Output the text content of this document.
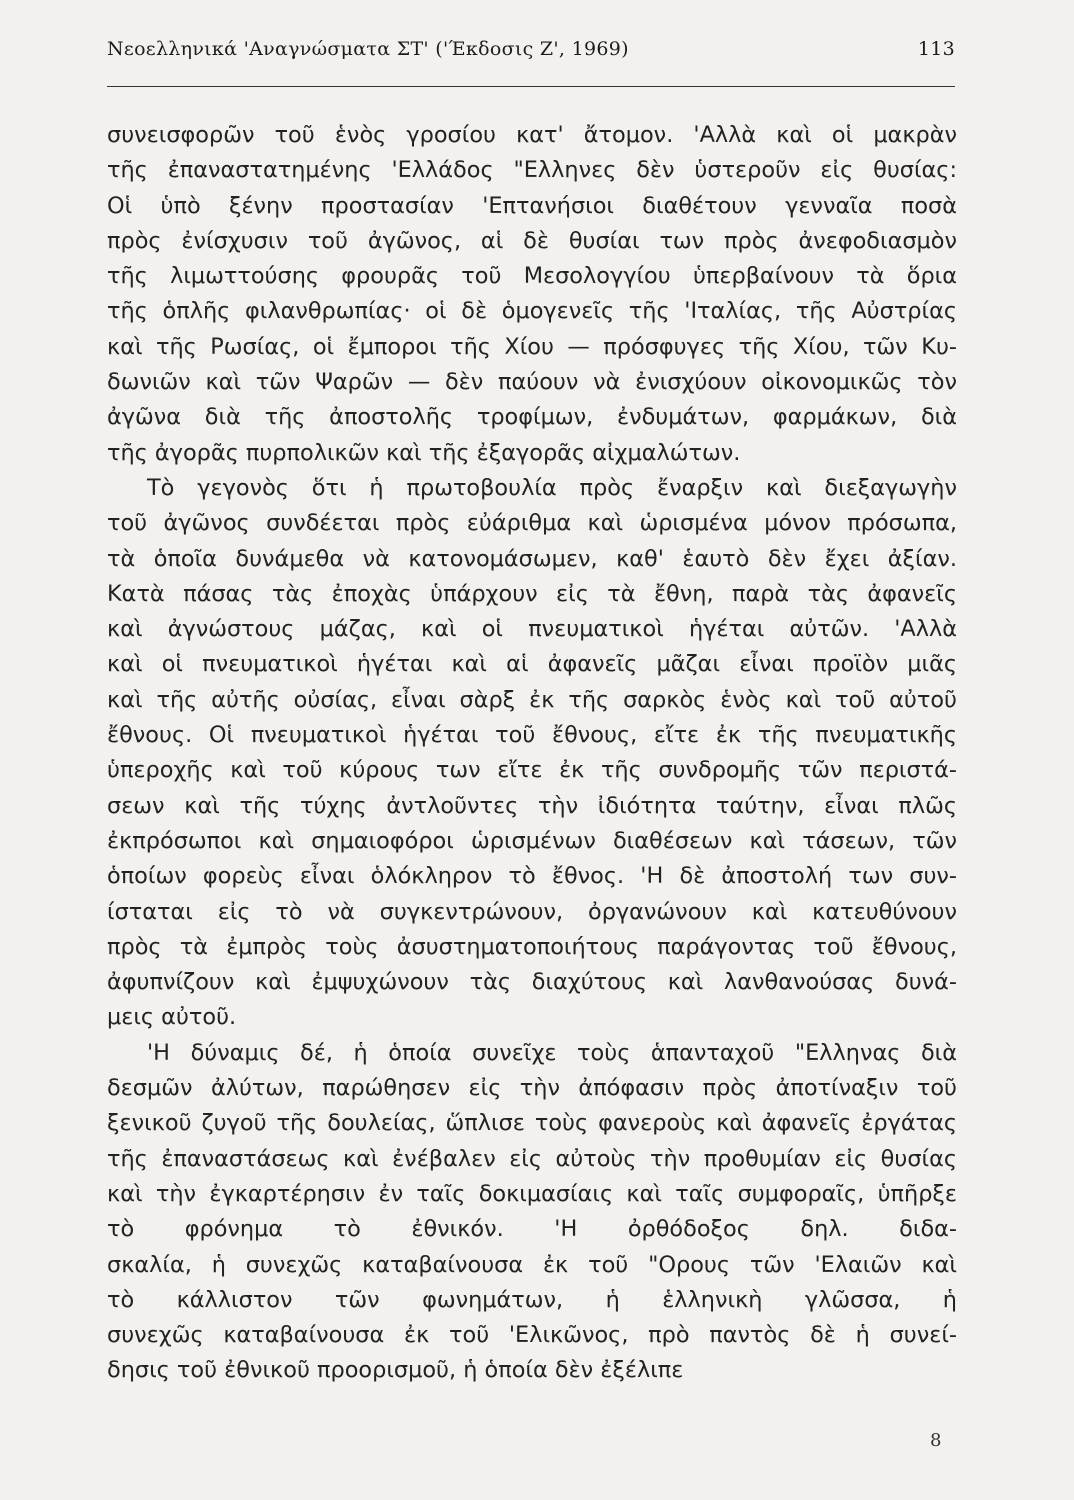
Νεοελληνικά 'Αναγνώσματα ΣΤ' ('Έκδοσις Ζ', 1969)	113
συνεισφορῶν τοῦ ἑνὸς γροσίου κατ' ἄτομον. 'Αλλὰ καὶ οἱ μακρὰν
τῆς ἐπαναστατημένης 'Ελλάδος "Ελληνες δὲν ὑστεροῦν εἰς θυσίας:
Οἱ ὑπὸ ξένην προστασίαν 'Επτανήσιοι διαθέτουν γενναῖα ποσὰ
πρὸς ἐνίσχυσιν τοῦ ἀγῶνος, αἱ δὲ θυσίαι των πρὸς ἀνεφοδιασμὸν
τῆς λιμωττούσης φρουρᾶς τοῦ Μεσολογγίου ὑπερβαίνουν τὰ ὅρια
τῆς ὁπλῆς φιλανθρωπίας· οἱ δὲ ὁμογενεῖς τῆς 'Ιταλίας, τῆς Αὐστρίας
καὶ τῆς Ρωσίας, οἱ ἔμποροι τῆς Χίου — πρόσφυγες τῆς Χίου, τῶν Κυ-
δωνιῶν καὶ τῶν Ψαρῶν — δὲν παύουν νὰ ἐνισχύουν οἰκονομικῶς τὸν
ἀγῶνα διὰ τῆς ἀποστολῆς τροφίμων, ἐνδυμάτων, φαρμάκων, διὰ
τῆς ἀγορᾶς πυρπολικῶν καὶ τῆς ἐξαγορᾶς αἰχμαλώτων.
Τὸ γεγονὸς ὅτι ἡ πρωτοβουλία πρὸς ἔναρξιν καὶ διεξαγωγὴν
τοῦ ἀγῶνος συνδέεται πρὸς εὐάριθμα καὶ ὡρισμένα μόνον πρόσωπα,
τὰ ὁποῖα δυνάμεθα νὰ κατονομάσωμεν, καθ' ἑαυτὸ δὲν ἔχει ἀξίαν.
Κατὰ πάσας τὰς ἐποχὰς ὑπάρχουν εἰς τὰ ἔθνη, παρὰ τὰς ἀφανεῖς
καὶ ἀγνώστους μάζας, καὶ οἱ πνευματικοὶ ἡγέται αὐτῶν. 'Αλλὰ
καὶ οἱ πνευματικοὶ ἡγέται καὶ αἱ ἀφανεῖς μᾶζαι εἶναι προϊὸν μιᾶς
καὶ τῆς αὐτῆς οὐσίας, εἶναι σὰρξ ἐκ τῆς σαρκὸς ἑνὸς καὶ τοῦ αὐτοῦ
ἔθνους. Οἱ πνευματικοὶ ἡγέται τοῦ ἔθνους, εἴτε ἐκ τῆς πνευματικῆς
ὑπεροχῆς καὶ τοῦ κύρους των εἴτε ἐκ τῆς συνδρομῆς τῶν περιστά-
σεων καὶ τῆς τύχης ἀντλοῦντες τὴν ἰδιότητα ταύτην, εἶναι πλῶς
ἐκπρόσωποι καὶ σημαιοφόροι ὡρισμένων διαθέσεων καὶ τάσεων, τῶν
ὁποίων φορεὺς εἶναι ὁλόκληρον τὸ ἔθνος. 'Η δὲ ἀποστολή των συν-
ίσταται εἰς τὸ νὰ συγκεντρώνουν, ὀργανώνουν καὶ κατευθύνουν
πρὸς τὰ ἐμπρὸς τοὺς ἀσυστηματοποιήτους παράγοντας τοῦ ἔθνους,
ἀφυπνίζουν καὶ ἐμψυχώνουν τὰς διαχύτους καὶ λανθανούσας δυνά-
μεις αὐτοῦ.
'Η δύναμις δέ, ἡ ὁποία συνεῖχε τοὺς ἁπανταχοῦ "Ελληνας διὰ
δεσμῶν ἀλύτων, παρώθησεν εἰς τὴν ἀπόφασιν πρὸς ἀποτίναξιν τοῦ
ξενικοῦ ζυγοῦ τῆς δουλείας, ὥπλισε τοὺς φανεροὺς καὶ ἀφανεῖς ἐργάτας
τῆς ἐπαναστάσεως καὶ ἐνέβαλεν εἰς αὐτοὺς τὴν προθυμίαν εἰς θυσίας
καὶ τὴν ἐγκαρτέρησιν ἐν ταῖς δοκιμασίαις καὶ ταῖς συμφοραῖς, ὑπῆρξε
τὸ φρόνημα τὸ ἐθνικόν. 'Η ὀρθόδοξος δηλ. διδα-
σκαλία, ἡ συνεχῶς καταβαίνουσα ἐκ τοῦ "Ορους τῶν 'Ελαιῶν καὶ
τὸ κάλλιστον τῶν φωνημάτων, ἡ ἑλληνικὴ γλῶσσα, ἡ
συνεχῶς καταβαίνουσα ἐκ τοῦ 'Ελικῶνος, πρὸ παντὸς δὲ ἡ συνεί-
δησις τοῦ ἐθνικοῦ προορισμοῦ, ἡ ὁποία δὲν ἐξέλιπε
8
